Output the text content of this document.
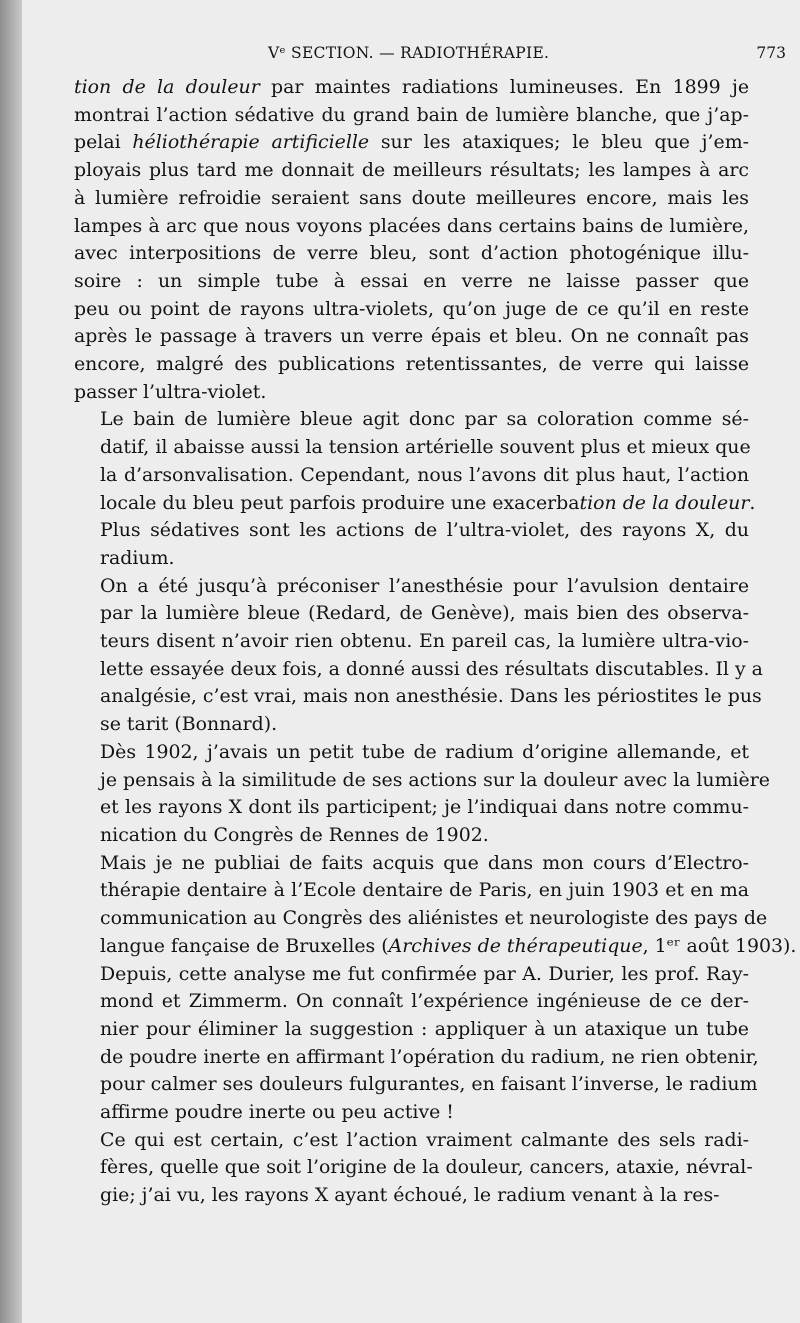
Vᵉ SECTION. — RADIOTHÉRAPIE.	773
tion de la douleur par maintes radiations lumineuses. En 1899 je
montrai l’action sédative du grand bain de lumière blanche, que j’ap-
pelai héliothérapie artificielle sur les ataxiques; le bleu que j’em-
ployais plus tard me donnait de meilleurs résultats; les lampes à arc
à lumière refroidie seraient sans doute meilleures encore, mais les
lampes à arc que nous voyons placées dans certains bains de lumière,
avec interpositions de verre bleu, sont d’action photogénique illu-
soire : un simple tube à essai en verre ne laisse passer que
peu ou point de rayons ultra-violets, qu’on juge de ce qu’il en reste
après le passage à travers un verre épais et bleu. On ne connaît pas
encore, malgré des publications retentissantes, de verre qui laisse
passer l’ultra-violet.
Le bain de lumière bleue agit donc par sa coloration comme sé-
datif, il abaisse aussi la tension artérielle souvent plus et mieux que
la d’arsonvalisation. Cependant, nous l’avons dit plus haut, l’action
locale du bleu peut parfois produire une exacerbation de la douleur.
Plus sédatives sont les actions de l’ultra-violet, des rayons X, du
radium.
On a été jusqu’à préconiser l’anesthésie pour l’avulsion dentaire
par la lumière bleue (Redard, de Genève), mais bien des observa-
teurs disent n’avoir rien obtenu. En pareil cas, la lumière ultra-vio-
lette essayée deux fois, a donné aussi des résultats discutables. Il y a
analgésie, c’est vrai, mais non anesthésie. Dans les périostites le pus
se tarit (Bonnard).
Dès 1902, j’avais un petit tube de radium d’origine allemande, et
je pensais à la similitude de ses actions sur la douleur avec la lumière
et les rayons X dont ils participent; je l’indiquai dans notre commu-
nication du Congrès de Rennes de 1902.
Mais je ne publiai de faits acquis que dans mon cours d’Electro-
thérapie dentaire à l’Ecole dentaire de Paris, en juin 1903 et en ma
communication au Congrès des aliénistes et neurologiste des pays de
langue fançaise de Bruxelles (Archives de thérapeutique, 1ᵉʳ août 1903).
Depuis, cette analyse me fut confirmée par A. Durier, les prof. Ray-
mond et Zimmerm. On connaît l’expérience ingénieuse de ce der-
nier pour éliminer la suggestion : appliquer à un ataxique un tube
de poudre inerte en affirmant l’opération du radium, ne rien obtenir,
pour calmer ses douleurs fulgurantes, en faisant l’inverse, le radium
affirme poudre inerte ou peu active !
Ce qui est certain, c’est l’action vraiment calmante des sels radi-
fères, quelle que soit l’origine de la douleur, cancers, ataxie, névral-
gie; j’ai vu, les rayons X ayant échoué, le radium venant à la res-
